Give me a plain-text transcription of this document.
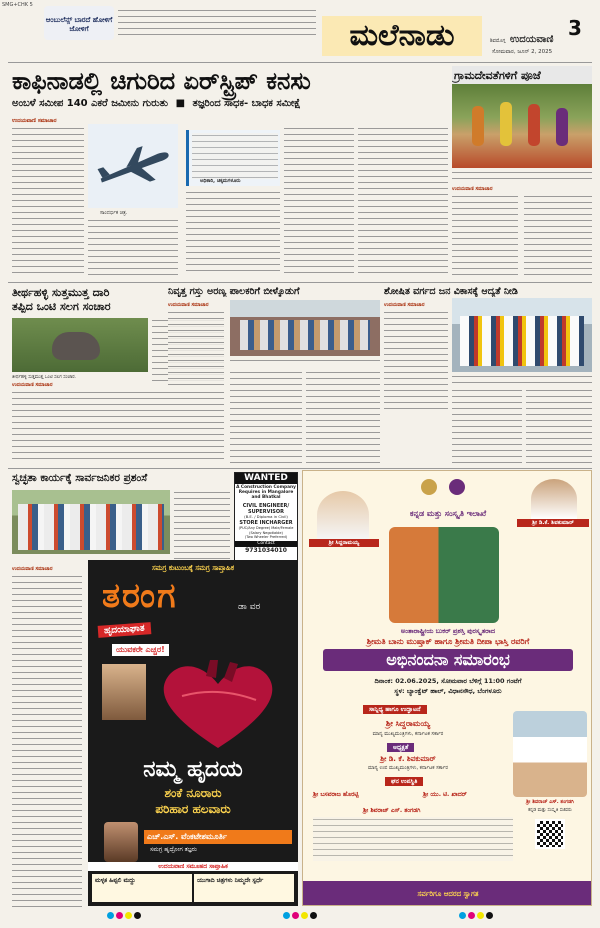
SMG+CHK 5
ಆಂಬುಲೆನ್ಸ್ ಬಾರದೆ ಹೋಳಿಗೆ ಜೋಳಿಗೆ	ಮಲೆನಾಡು	3
ಶಿವಮೊಗ್ಗ ಉದಯವಾಣಿ
ಸೋಮವಾರ, ಜೂನ್ 2, 2025
ಕಾಫಿನಾಡಲ್ಲಿ ಚಿಗುರಿದ ಏರ್‌ಸ್ಟ್ರಿಪ್ ಕನಸು
ಅಂಬಳೆ ಸಮೀಪ 140 ಎಕರೆ ಜಮೀನು ಗುರುತು ■ ತಜ್ಞರಿಂದ ಸಾಧಕ- ಬಾಧಕ ಸಮೀಕ್ಷೆ
ಉದಯವಾಣಿ ಸಮಾಚಾರ
ಸಾಂದರ್ಭಿಕ ಚಿತ್ರ.
ಅಧಿಕಾರಿ, ಚಿಕ್ಕಮಗಳೂರು
ಗ್ರಾಮದೇವತೆಗಳಿಗೆ ಪೂಜೆ
ಉದಯವಾಣಿ ಸಮಾಚಾರ
ತೀರ್ಥಹಳ್ಳಿ ಸುತ್ತಮುತ್ತ ದಾರಿ
ತಪ್ಪಿದ ಒಂಟಿ ಸಲಗ ಸಂಚಾರ
ತೀರ್ಥಹಳ್ಳಿ ಸುತ್ತಮುತ್ತ ಒಂಟಿ ಸಲಗ ಸಂಚಾರ.
ಉದಯವಾಣಿ ಸಮಾಚಾರ
ನಿವೃತ್ತ ಗಸ್ತು ಅರಣ್ಯ ಪಾಲಕರಿಗೆ ಬೀಳ್ಕೊಡುಗೆ
ಉದಯವಾಣಿ ಸಮಾಚಾರ
ಶೋಷಿತ ವರ್ಗದ ಜನ ವಿಕಾಸಕ್ಕೆ ಆದ್ಯತೆ ನೀಡಿ
ಉದಯವಾಣಿ ಸಮಾಚಾರ
ಸ್ವಚ್ಛತಾ ಕಾರ್ಯಕ್ಕೆ ಸಾರ್ವಜನಿಕರ ಪ್ರಶಂಸೆ
ಉದಯವಾಣಿ ಸಮಾಚಾರ
WANTED
A Construction Company
Requires in Mangalore
and Bhatkal
CIVIL ENGINEER/
SUPERVISOR
(B.E. / Diploma in Civil)
STORE INCHARGER
(PUC/Any Degree) Male/Female
(Salary Negotiable)
(Two Wheeler Preferred)
Contact
9731034010
ಸಮಗ್ರ ಕುಟುಂಬಕ್ಕೆ ಸಮಗ್ರ ಸಾಪ್ತಾಹಿಕ
ತರಂಗ	ಡಾ ವರ
ಹೃದಯಾಘಾತ
ಯುವಕರೇ ಎಚ್ಚರ!
ನಮ್ಮ ಹೃದಯ
ಶಂಕೆ ನೂರಾರು
ಪರಿಹಾರ ಹಲವಾರು
ಎಚ್.ಎಸ್. ವೆಂಕಟೇಶಮೂರ್ತಿ
ಸಮಗ್ರ ಹೃದ್ರೋಗ ತಜ್ಞರು
ಉದಯವಾಣಿ ಸಮೂಹದ ಸಾಪ್ತಾಹಿಕ
ಮಳ್ಳಕ ಹಿಪ್ಪಲಿ ಮದ್ದು	ಯುಗಾದಿ ಚಿತ್ರಗಳು ನಿಮ್ಮದೇ ಸ್ಪರ್ಧೆ
ಶ್ರೀ ಸಿದ್ದರಾಮಯ್ಯ
ಶ್ರೀ ಡಿ.ಕೆ. ಶಿವಕುಮಾರ್
ಕನ್ನಡ ಮತ್ತು ಸಂಸ್ಕೃತಿ ಇಲಾಖೆ
ಅಂತಾರಾಷ್ಟ್ರೀಯ ಬುಕರ್ ಪ್ರಶಸ್ತಿ ಪುರಸ್ಕೃತರಾದ
ಶ್ರೀಮತಿ ಬಾನು ಮುಷ್ತಾಕ್ ಹಾಗೂ ಶ್ರೀಮತಿ ದೀಪಾ ಭಾಸ್ತಿ ರವರಿಗೆ
ಅಭಿನಂದನಾ ಸಮಾರಂಭ
ದಿನಾಂಕ: 02.06.2025, ಸೋಮವಾರ ಬೆಳಿಗ್ಗೆ 11:00 ಗಂಟೆಗೆ
ಸ್ಥಳ: ಬ್ಯಾಂಕ್ವೆಟ್ ಹಾಲ್, ವಿಧಾನಸೌಧ, ಬೆಂಗಳೂರು
ಸಾನ್ನಿಧ್ಯ ಹಾಗೂ ಉದ್ಘಾಟನೆ
ಶ್ರೀ ಸಿದ್ದರಾಮಯ್ಯ
ಮಾನ್ಯ ಮುಖ್ಯಮಂತ್ರಿಗಳು, ಕರ್ನಾಟಕ ಸರ್ಕಾರ
ಅಧ್ಯಕ್ಷತೆ
ಶ್ರೀ ಡಿ. ಕೆ. ಶಿವಕುಮಾರ್
ಮಾನ್ಯ ಉಪ ಮುಖ್ಯಮಂತ್ರಿಗಳು, ಕರ್ನಾಟಕ ಸರ್ಕಾರ
ಘನ ಉಪಸ್ಥಿತಿ
ಶ್ರೀ ಬಸವರಾಜ ಹೊರಟ್ಟಿ	ಶ್ರೀ ಯು. ಟಿ. ಖಾದರ್
ಶ್ರೀ ಶಿವರಾಜ್ ಎಸ್. ತಂಗಡಗಿ
ಶ್ರೀ ಶಿವರಾಜ್ ಎಸ್. ತಂಗಡಗಿ
ಕನ್ನಡ ಮತ್ತು ಸಂಸ್ಕೃತಿ ಸಚಿವರು
ಸರ್ವರಿಗೂ ಆದರದ ಸ್ವಾಗತ
